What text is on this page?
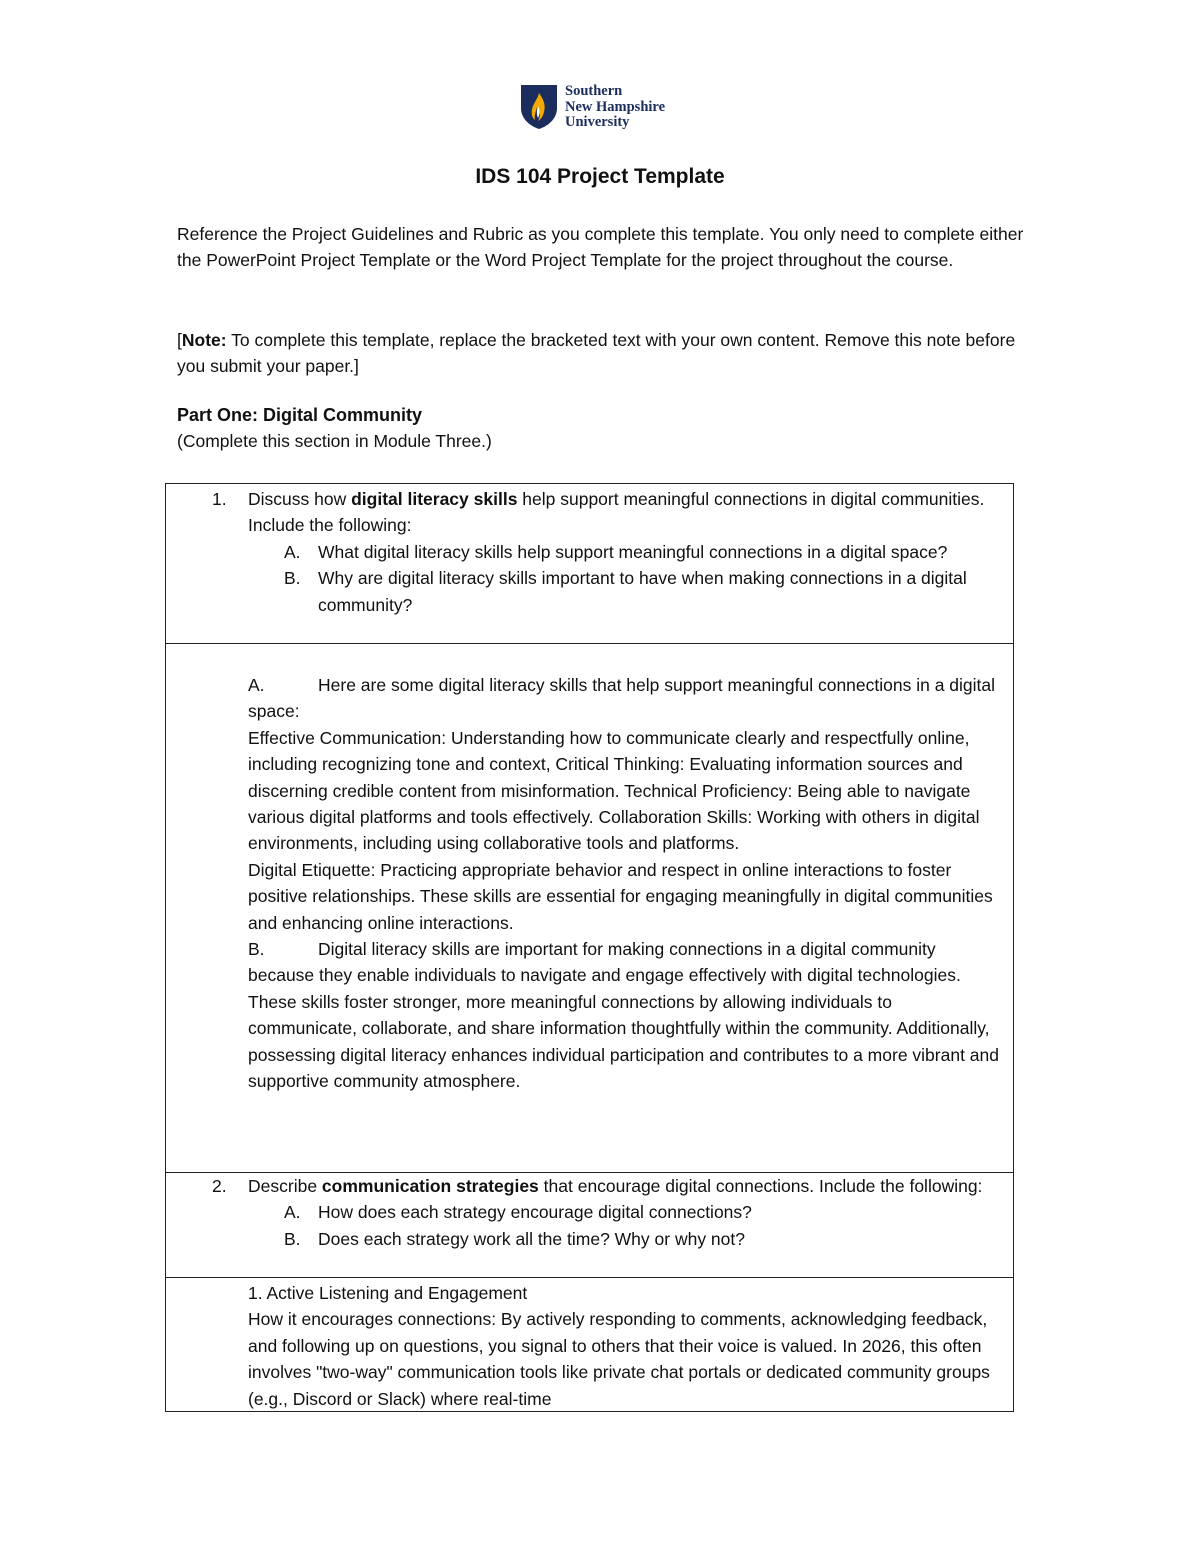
Southern
New Hampshire
University
IDS 104 Project Template

Reference the Project Guidelines and Rubric as you complete this template. You only need to complete either the PowerPoint Project Template or the Word Project Template for the project throughout the course.

[Note: To complete this template, replace the bracketed text with your own content. Remove this note before you submit your paper.]

Part One: Digital Community

(Complete this section in Module Three.)

1.	Discuss how digital literacy skills help support meaningful connections in digital communities. Include the following:
A. What digital literacy skills help support meaningful connections in a digital space?
B. Why are digital literacy skills important to have when making connections in a digital community?

A.	Here are some digital literacy skills that help support meaningful connections in a digital space:

Effective Communication: Understanding how to communicate clearly and respectfully online, including recognizing tone and context, Critical Thinking: Evaluating information sources and discerning credible content from misinformation. Technical Proficiency: Being able to navigate various digital platforms and tools effectively. Collaboration Skills: Working with others in digital environments, including using collaborative tools and platforms.

Digital Etiquette: Practicing appropriate behavior and respect in online interactions to foster positive relationships. These skills are essential for engaging meaningfully in digital communities and enhancing online interactions.

B.	Digital literacy skills are important for making connections in a digital community because they enable individuals to navigate and engage effectively with digital technologies. These skills foster stronger, more meaningful connections by allowing individuals to communicate, collaborate, and share information thoughtfully within the community. Additionally, possessing digital literacy enhances individual participation and contributes to a more vibrant and supportive community atmosphere.

2.	Describe communication strategies that encourage digital connections. Include the following:
A. How does each strategy encourage digital connections?
B. Does each strategy work all the time? Why or why not?

1. Active Listening and Engagement

How it encourages connections: By actively responding to comments, acknowledging feedback, and following up on questions, you signal to others that their voice is valued. In 2026, this often involves "two-way" communication tools like private chat portals or dedicated community groups (e.g., Discord or Slack) where real-time
